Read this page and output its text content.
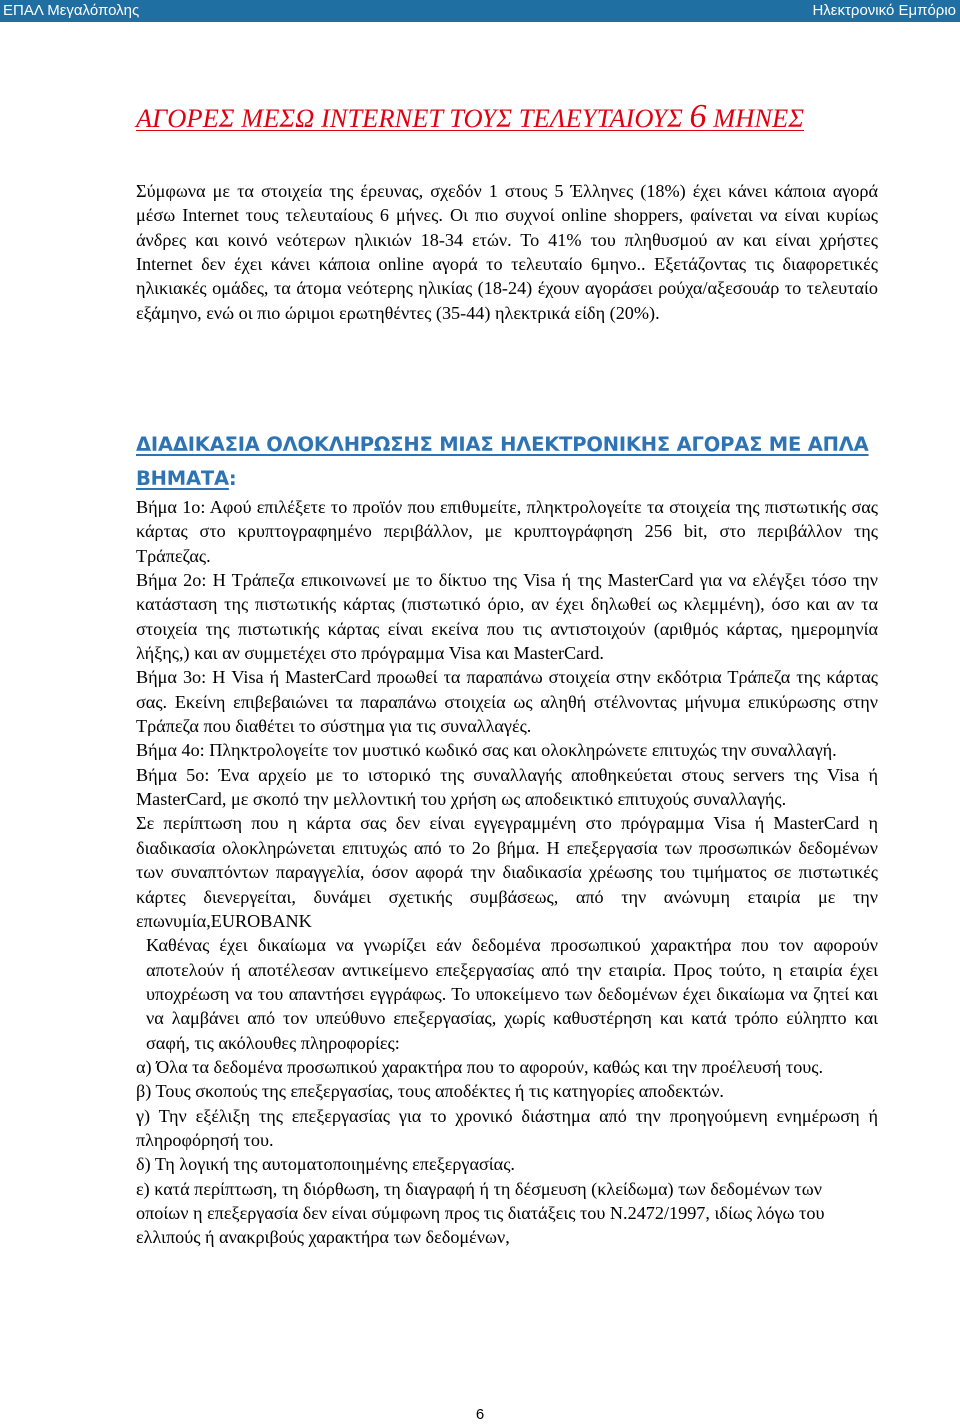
ΕΠΑΛ Μεγαλόπολης	Ηλεκτρονικό Εμπόριο
ΑΓΟΡΕΣ ΜΕΣΩ ΙNTERNET ΤΟΥΣ ΤΕΛΕΥΤΑΙΟΥΣ 6 ΜΗΝΕΣ

Σύμφωνα με τα στοιχεία της έρευνας, σχεδόν 1 στους 5 Έλληνες (18%) έχει κάνει κάποια αγορά μέσω Internet τους τελευταίους 6 μήνες. Οι πιο συχνοί online shoppers, φαίνεται να είναι κυρίως άνδρες και κοινό νεότερων ηλικιών 18-34 ετών. Το 41% του πληθυσμού αν και είναι χρήστες Internet δεν έχει κάνει κάποια online αγορά το τελευταίο 6μηνο.. Εξετάζοντας τις διαφορετικές ηλικιακές ομάδες, τα άτομα νεότερης ηλικίας (18-24) έχουν αγοράσει ρούχα/αξεσουάρ το τελευταίο εξάμηνο, ενώ οι πιο ώριμοι ερωτηθέντες (35-44) ηλεκτρικά είδη (20%).

ΔΙΑΔΙΚΑΣΙΑ ΟΛΟΚΛΗΡΩΣΗΣ ΜΙΑΣ ΗΛΕΚΤΡΟΝΙΚΗΣ ΑΓΟΡΑΣ ΜΕ ΑΠΛΑ ΒΗΜΑΤΑ:

Βήμα 1ο: Αφού επιλέξετε το προϊόν που επιθυμείτε, πληκτρολογείτε τα στοιχεία της πιστωτικής σας κάρτας στο κρυπτογραφημένο περιβάλλον, με κρυπτογράφηση 256 bit, στο περιβάλλον της Τράπεζας.

Βήμα 2ο: Η Τράπεζα επικοινωνεί με το δίκτυο της Visa ή της MasterCard για να ελέγξει τόσο την κατάσταση της πιστωτικής κάρτας (πιστωτικό όριο, αν έχει δηλωθεί ως κλεμμένη), όσο και αν τα στοιχεία της πιστωτικής κάρτας είναι εκείνα που τις αντιστοιχούν (αριθμός κάρτας, ημερομηνία λήξης,) και αν συμμετέχει στο πρόγραμμα Visa και MasterCard.

Βήμα 3ο: Η Visa ή MasterCard προωθεί τα παραπάνω στοιχεία στην εκδότρια Τράπεζα της κάρτας σας. Εκείνη επιβεβαιώνει τα παραπάνω στοιχεία ως αληθή στέλνοντας μήνυμα επικύρωσης στην Τράπεζα που διαθέτει το σύστημα για τις συναλλαγές.

Βήμα 4ο: Πληκτρολογείτε τον μυστικό κωδικό σας και ολοκληρώνετε επιτυχώς την συναλλαγή.

Βήμα 5ο: Ένα αρχείο με το ιστορικό της συναλλαγής αποθηκεύεται στους servers της Visa ή MasterCard, με σκοπό την μελλοντική του χρήση ως αποδεικτικό επιτυχούς συναλλαγής.

Σε περίπτωση που η κάρτα σας δεν είναι εγγεγραμμένη στο πρόγραμμα Visa ή MasterCard η διαδικασία ολοκληρώνεται επιτυχώς από το 2ο βήμα. Η επεξεργασία των προσωπικών δεδομένων των συναπτόντων παραγγελία, όσον αφορά την διαδικασία χρέωσης του τιμήματος σε πιστωτικές κάρτες διενεργείται, δυνάμει σχετικής συμβάσεως, από την ανώνυμη εταιρία με την επωνυμία,EUROBANK

Καθένας έχει δικαίωμα να γνωρίζει εάν δεδομένα προσωπικού χαρακτήρα που τον αφορούν αποτελούν ή αποτέλεσαν αντικείμενο επεξεργασίας από την εταιρία. Προς τούτο, η εταιρία έχει υποχρέωση να του απαντήσει εγγράφως. Το υποκείμενο των δεδομένων έχει δικαίωμα να ζητεί και να λαμβάνει από τον υπεύθυνο επεξεργασίας, χωρίς καθυστέρηση και κατά τρόπο εύληπτο και σαφή, τις ακόλουθες πληροφορίες:

α) Όλα τα δεδομένα προσωπικού χαρακτήρα που το αφορούν, καθώς και την προέλευσή τους.

β) Τους σκοπούς της επεξεργασίας, τους αποδέκτες ή τις κατηγορίες αποδεκτών.

γ) Την εξέλιξη της επεξεργασίας για το χρονικό διάστημα από την προηγούμενη ενημέρωση ή πληροφόρησή του.

δ) Τη λογική της αυτοματοποιημένης επεξεργασίας.

ε) κατά περίπτωση, τη διόρθωση, τη διαγραφή ή τη δέσμευση (κλείδωμα) των δεδομένων των οποίων η επεξεργασία δεν είναι σύμφωνη προς τις διατάξεις του Ν.2472/1997, ιδίως λόγω του ελλιπούς ή ανακριβούς χαρακτήρα των δεδομένων,

6
